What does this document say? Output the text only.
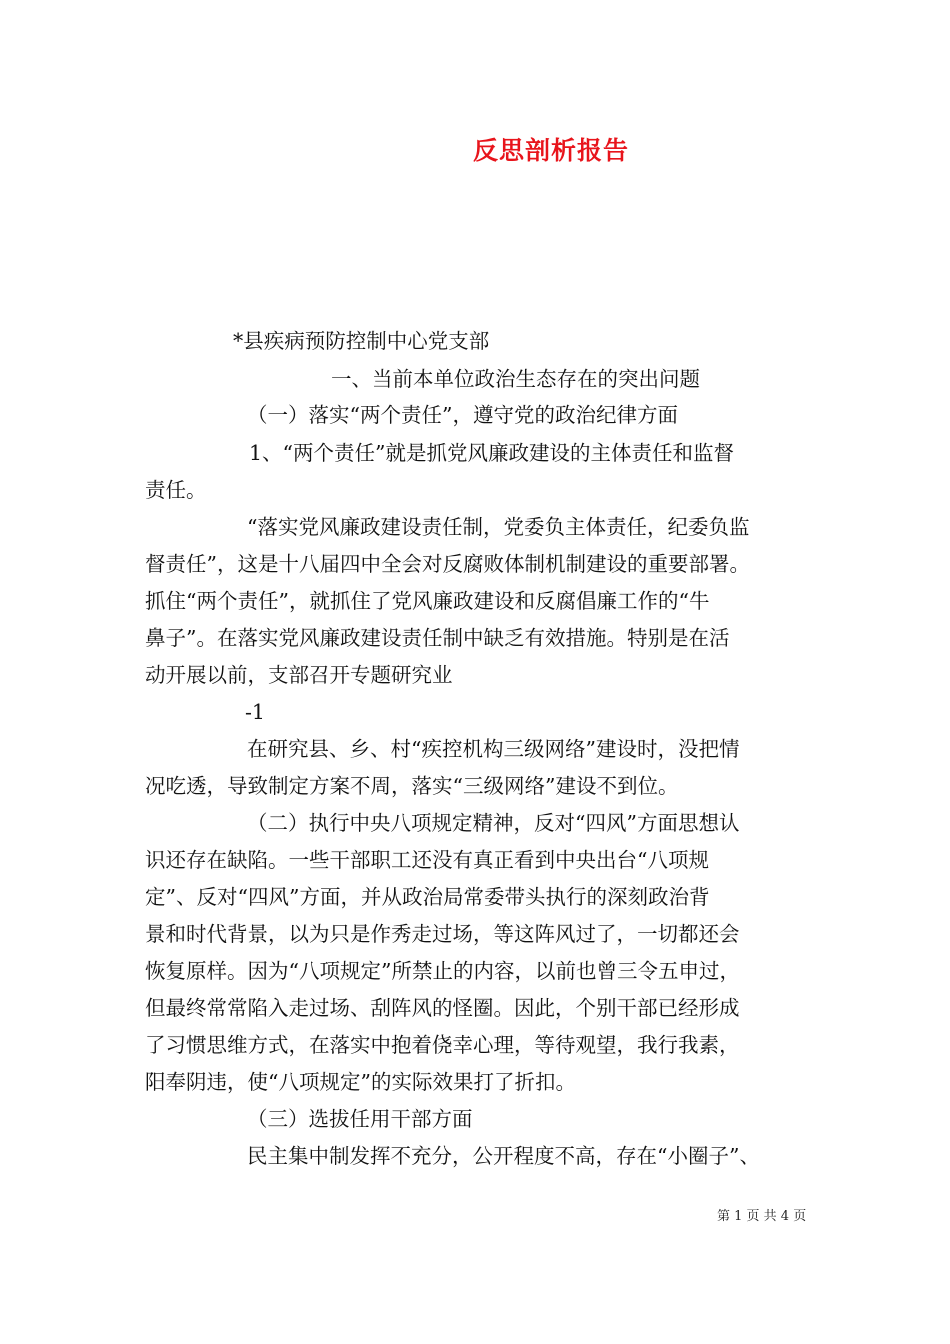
反思剖析报告
*县疾病预防控制中心党支部
一、当前本单位政治生态存在的突出问题
（一）落实“两个责任”，遵守党的政治纪律方面
1、“两个责任”就是抓党风廉政建设的主体责任和监督
责任。
“落实党风廉政建设责任制，党委负主体责任，纪委负监
督责任”，这是十八届四中全会对反腐败体制机制建设的重要部署。
抓住“两个责任”，就抓住了党风廉政建设和反腐倡廉工作的“牛
鼻子”。在落实党风廉政建设责任制中缺乏有效措施。特别是在活
动开展以前，支部召开专题研究业
-1
在研究县、乡、村“疾控机构三级网络”建设时，没把情
况吃透，导致制定方案不周，落实“三级网络”建设不到位。
（二）执行中央八项规定精神，反对“四风”方面思想认
识还存在缺陷。一些干部职工还没有真正看到中央出台“八项规
定”、反对“四风”方面，并从政治局常委带头执行的深刻政治背
景和时代背景，以为只是作秀走过场，等这阵风过了，一切都还会
恢复原样。因为“八项规定”所禁止的内容，以前也曾三令五申过，
但最终常常陷入走过场、刮阵风的怪圈。因此，个别干部已经形成
了习惯思维方式，在落实中抱着侥幸心理，等待观望，我行我素，
阳奉阴违，使“八项规定”的实际效果打了折扣。
（三）选拔任用干部方面
民主集中制发挥不充分，公开程度不高，存在“小圈子”、
第 1 页 共 4 页
